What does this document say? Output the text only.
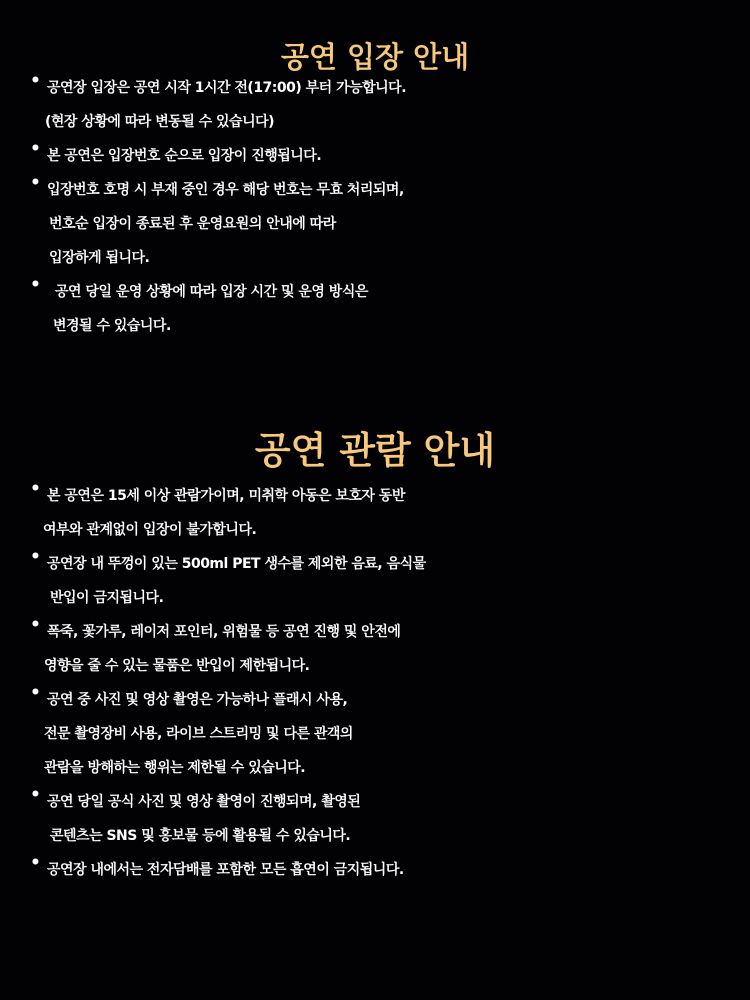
공연 입장 안내
• 공연장 입장은 공연 시작 1시간 전(17:00) 부터 가능합니다.
(현장 상황에 따라 변동될 수 있습니다)
• 본 공연은 입장번호 순으로 입장이 진행됩니다.
• 입장번호 호명 시 부재 중인 경우 해당 번호는 무효 처리되며,
번호순 입장이 종료된 후 운영요원의 안내에 따라
입장하게 됩니다.
•	공연 당일 운영 상황에 따라 입장 시간 및 운영 방식은
변경될 수 있습니다.
공연 관람 안내
• 본 공연은 15세 이상 관람가이며, 미취학 아동은 보호자 동반
여부와 관계없이 입장이 불가합니다.
• 공연장 내 뚜껑이 있는 500ml PET 생수를 제외한 음료, 음식물
반입이 금지됩니다.
• 폭죽, 꽃가루, 레이저 포인터, 위험물 등 공연 진행 및 안전에
영향을 줄 수 있는 물품은 반입이 제한됩니다.
• 공연 중 사진 및 영상 촬영은 가능하나 플래시 사용,
전문 촬영장비 사용, 라이브 스트리밍 및 다른 관객의
관람을 방해하는 행위는 제한될 수 있습니다.
• 공연 당일 공식 사진 및 영상 촬영이 진행되며, 촬영된
콘텐츠는 SNS 및 홍보물 등에 활용될 수 있습니다.
• 공연장 내에서는 전자담배를 포함한 모든 흡연이 금지됩니다.
